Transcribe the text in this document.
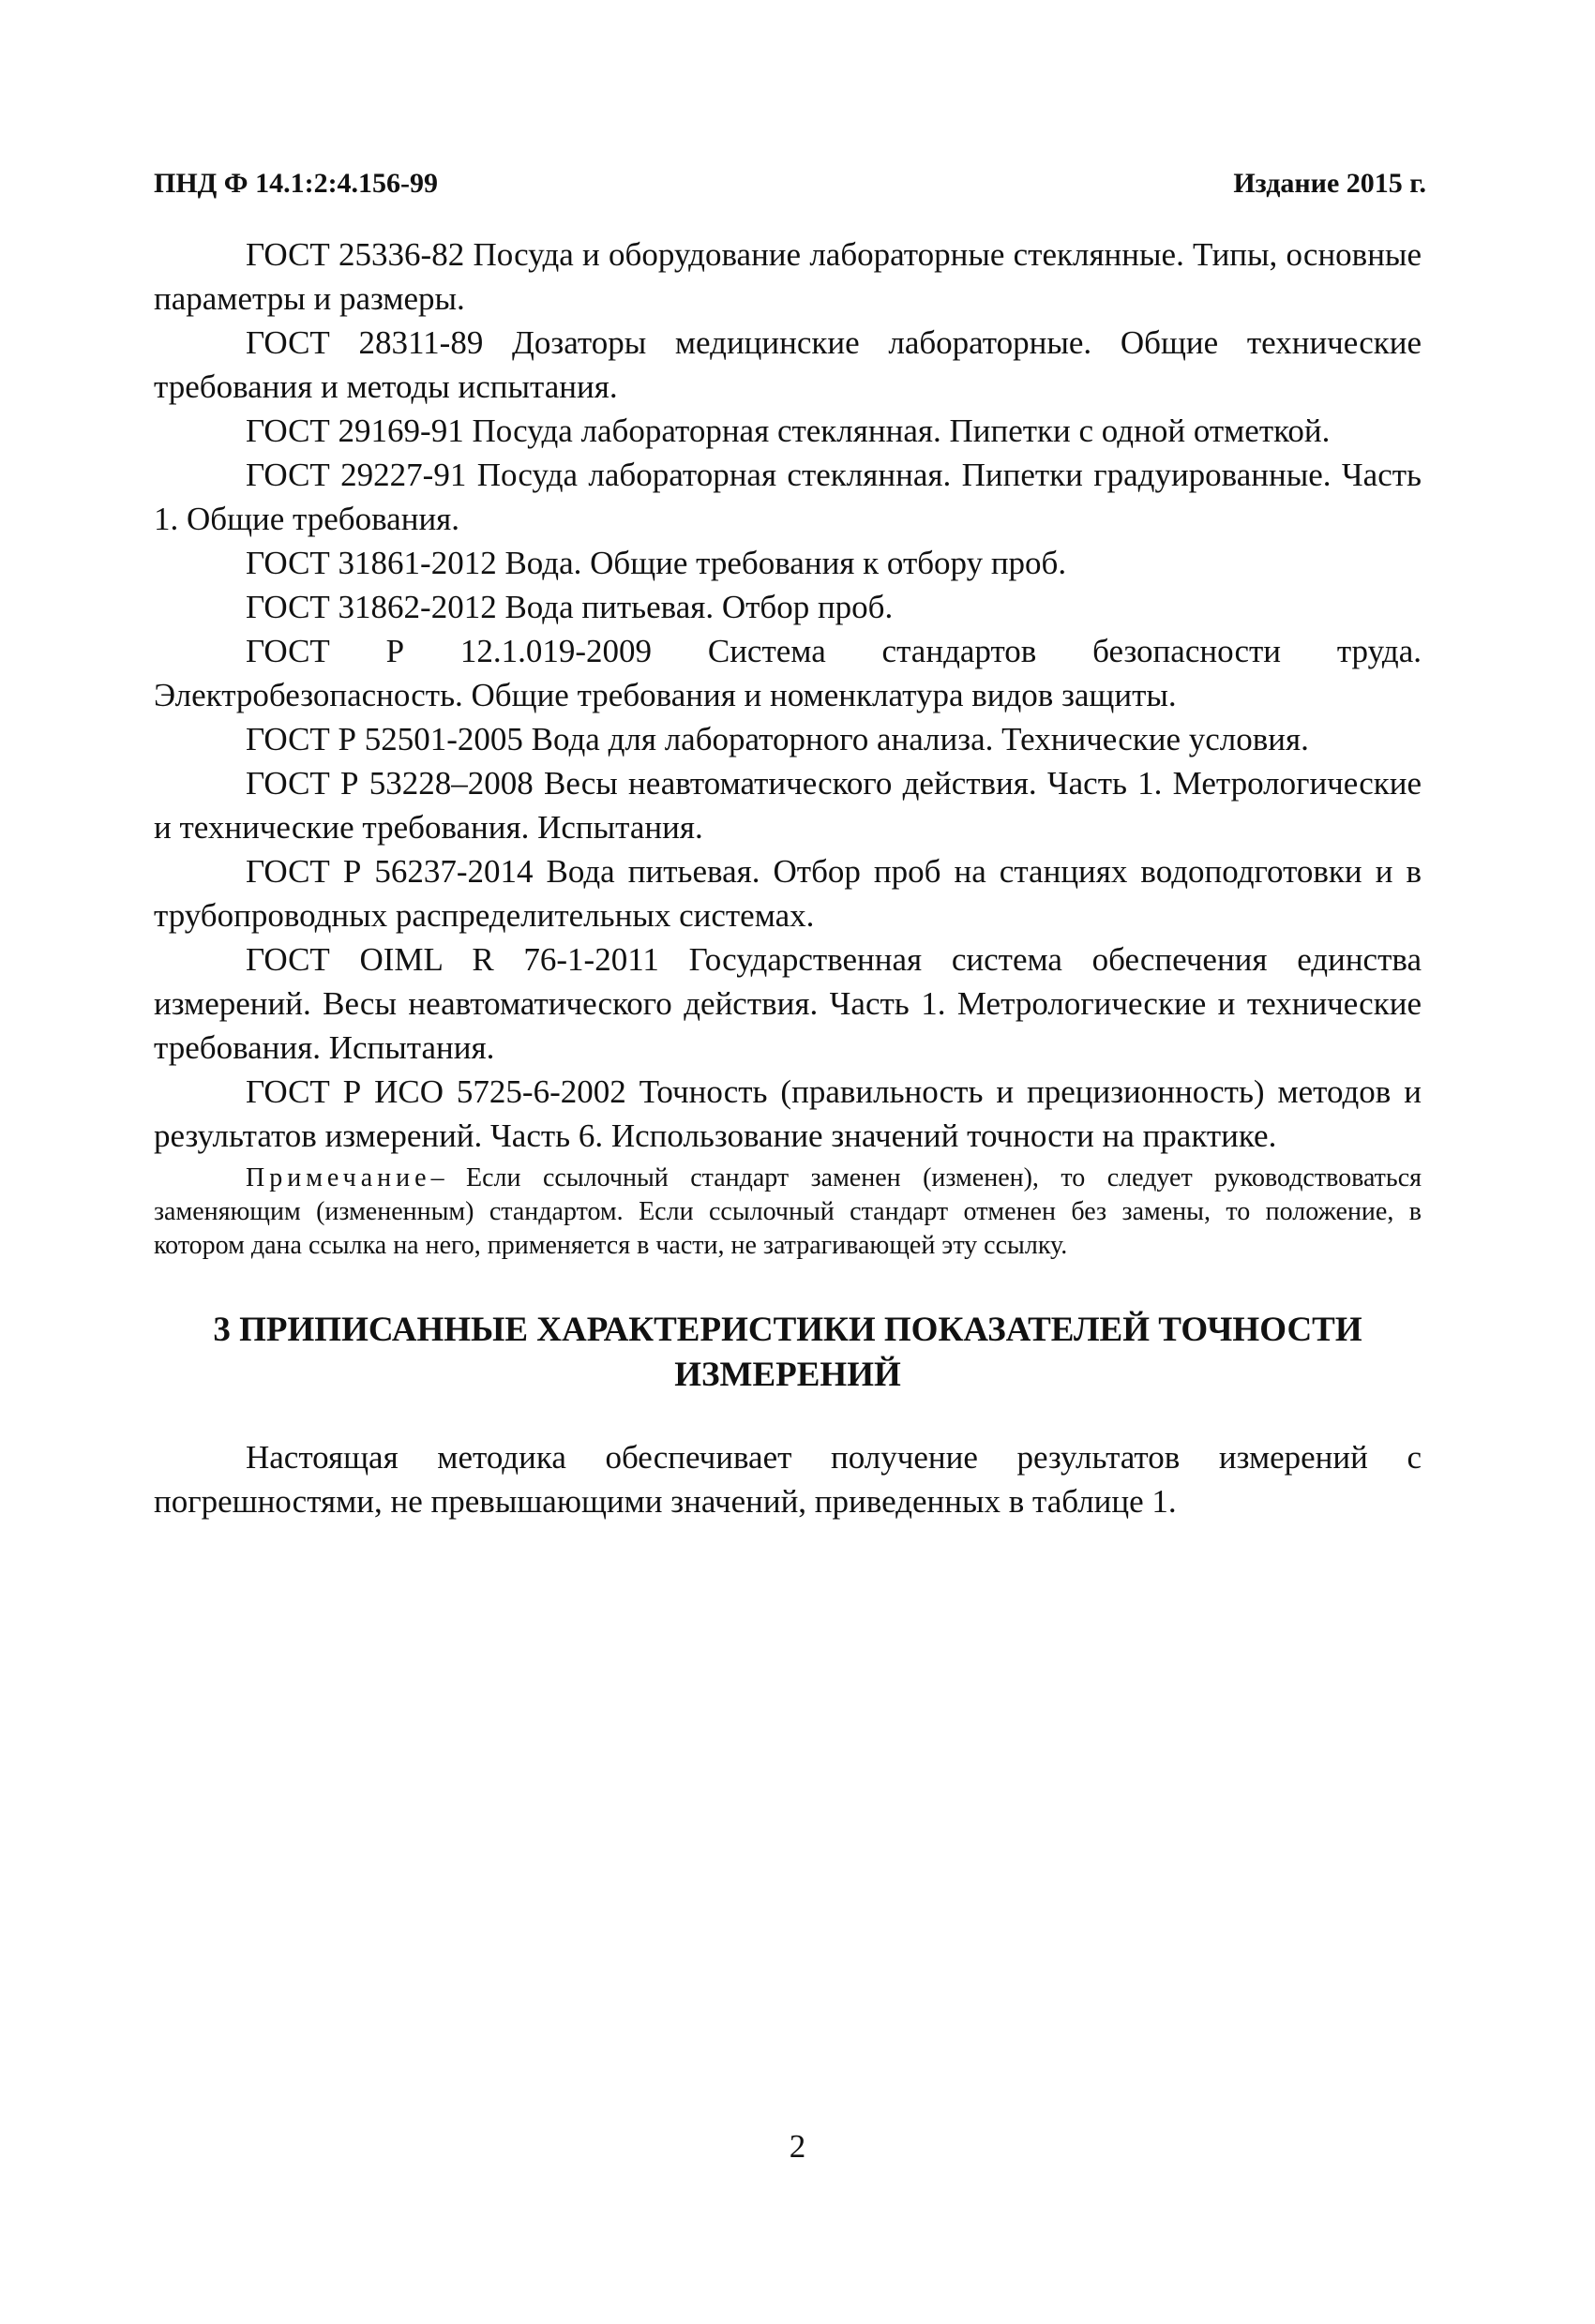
ПНД Ф 14.1:2:4.156-99	Издание 2015 г.

ГОСТ 25336-82 Посуда и оборудование лабораторные стеклянные. Типы, основные параметры и размеры.

ГОСТ 28311-89 Дозаторы медицинские лабораторные. Общие технические требования и методы испытания.

ГОСТ 29169-91 Посуда лабораторная стеклянная. Пипетки с одной отметкой.

ГОСТ 29227-91 Посуда лабораторная стеклянная. Пипетки градуированные. Часть 1. Общие требования.

ГОСТ 31861-2012 Вода. Общие требования к отбору проб.

ГОСТ 31862-2012 Вода питьевая. Отбор проб.

ГОСТ Р 12.1.019-2009 Система стандартов безопасности труда. Электробезопасность. Общие требования и номенклатура видов защиты.

ГОСТ Р 52501-2005 Вода для лабораторного анализа. Технические условия.

ГОСТ Р 53228–2008 Весы неавтоматического действия. Часть 1. Метрологические и технические требования. Испытания.

ГОСТ Р 56237-2014 Вода питьевая. Отбор проб на станциях водоподготовки и в трубопроводных распределительных системах.

ГОСТ OIML R 76-1-2011 Государственная система обеспечения единства измерений. Весы неавтоматического действия. Часть 1. Метрологические и технические требования. Испытания.

ГОСТ Р ИСО 5725-6-2002 Точность (правильность и прецизионность) методов и результатов измерений. Часть 6. Использование значений точности на практике.

Примечание– Если ссылочный стандарт заменен (изменен), то следует руководствоваться заменяющим (измененным) стандартом. Если ссылочный стандарт отменен без замены, то положение, в котором дана ссылка на него, применяется в части, не затрагивающей эту ссылку.

3 ПРИПИСАННЫЕ ХАРАКТЕРИСТИКИ ПОКАЗАТЕЛЕЙ ТОЧНОСТИ ИЗМЕРЕНИЙ

Настоящая методика обеспечивает получение результатов измерений с погрешностями, не превышающими значений, приведенных в таблице 1.

2
